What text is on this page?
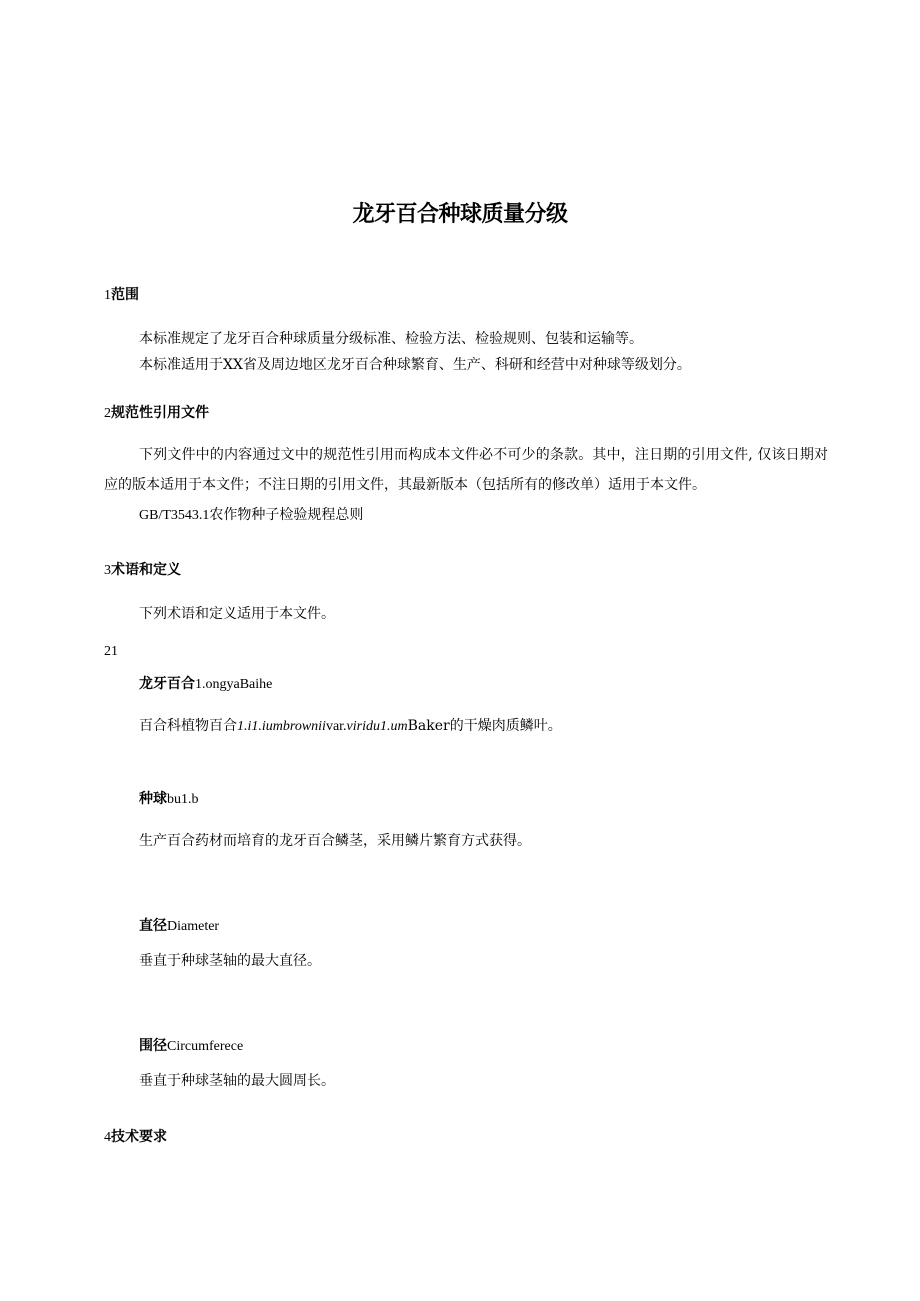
龙牙百合种球质量分级
1范围
本标准规定了龙牙百合种球质量分级标准、检验方法、检验规则、包装和运输等。
本标准适用于XX省及周边地区龙牙百合种球繁育、生产、科研和经营中对种球等级划分。
2规范性引用文件
下列文件中的内容通过文中的规范性引用而构成本文件必不可少的条款。其中，注日期的引用文件, 仅该日期对应的版本适用于本文件；不注日期的引用文件，其最新版本（包括所有的修改单）适用于本文件。
GB/T3543.1农作物种子检验规程总则
3术语和定义
下列术语和定义适用于本文件。
21
龙牙百合1.ongyaBaihe
百合科植物百合1.i1.iumbrowniivar.viridu1.umBaker的干燥肉质鳞叶。
种球bu1.b
生产百合药材而培育的龙牙百合鳞茎，采用鳞片繁育方式获得。
直径Diameter
垂直于种球茎轴的最大直径。
围径Circumferece
垂直于种球茎轴的最大圆周长。
4技术要求
